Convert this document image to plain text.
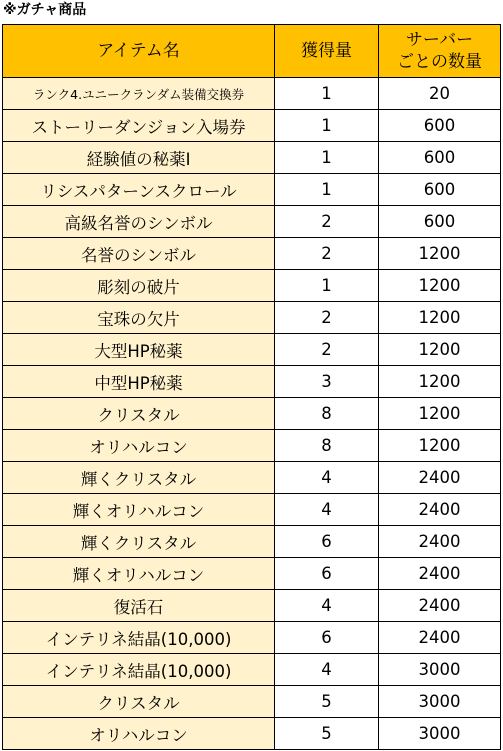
※ガチャ商品
アイテム名	獲得量	サーバー
ごとの数量

ランク4.ユニークランダム装備交換券	1	20
ストーリーダンジョン入場券	1	600
経験値の秘薬Ⅰ	1	600
リシスパターンスクロール	1	600
高級名誉のシンボル	2	600
名誉のシンボル	2	1200
彫刻の破片	1	1200
宝珠の欠片	2	1200
大型HP秘薬	2	1200
中型HP秘薬	3	1200
クリスタル	8	1200
オリハルコン	8	1200
輝くクリスタル	4	2400
輝くオリハルコン	4	2400
輝くクリスタル	6	2400
輝くオリハルコン	6	2400
復活石	4	2400
インテリネ結晶(10,000)	6	2400
インテリネ結晶(10,000)	4	3000
クリスタル	5	3000
オリハルコン	5	3000
